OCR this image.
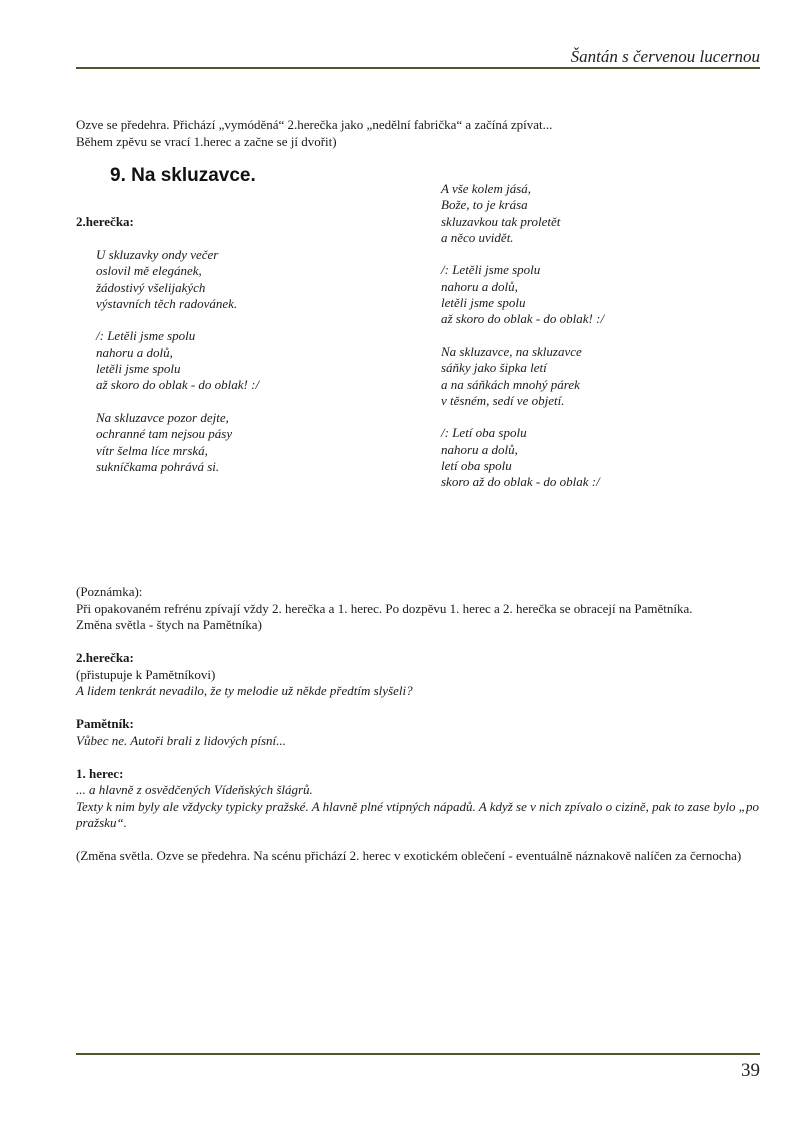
Šantán s červenou lucernou
Ozve se předehra. Přichází „vymóděná“ 2.herečka jako „nedělní fabrička“ a začíná zpívat...
Během zpěvu se vrací 1.herec a začne se jí dvořit)
9. Na skluzavce.
2.herečka:
U skluzavky ondy večer
oslovil mě elegánek,
žádostivý všelijakých
výstavních těch radovánek.
/: Letěli jsme spolu
nahoru a dolů,
letěli jsme spolu
až skoro do oblak - do oblak! :/
Na skluzavce pozor dejte,
ochranné tam nejsou pásy
vítr šelma líce mrská,
sukníčkama pohrává si.
A vše kolem jásá,
Bože, to je krása
skluzavkou tak proletět
a něco uvidět.
/: Letěli jsme spolu
nahoru a dolů,
letěli jsme spolu
až skoro do oblak - do oblak! :/
Na skluzavce, na skluzavce
sáňky jako šipka letí
a na sáňkách mnohý párek
v těsném, sedí ve objetí.
/: Letí oba spolu
nahoru a dolů,
letí oba spolu
skoro až do oblak - do oblak :/
(Poznámka):
Při opakovaném refrénu zpívají vždy 2. herečka a 1. herec. Po dozpěvu 1. herec a 2. herečka se obracejí na Pamětníka.
Změna světla - štych na Pamětníka)
2.herečka:
(přistupuje k Pamětníkovi)
A lidem tenkrát nevadilo, že ty melodie už někde předtím slyšeli?
Pamětník:
Vůbec ne. Autoři brali z lidových písní...
1. herec:
... a hlavně z osvědčených Vídeňských šlágrů.
Texty k nim byly ale vždycky typicky pražské. A hlavně plné vtipných nápadů. A když se v nich zpívalo o cizině, pak to zase bylo „po
pražsku“.
(Změna světla. Ozve se předehra. Na scénu přichází 2. herec v exotickém oblečení - eventuálně náznakově nalíčen za černocha)
39
